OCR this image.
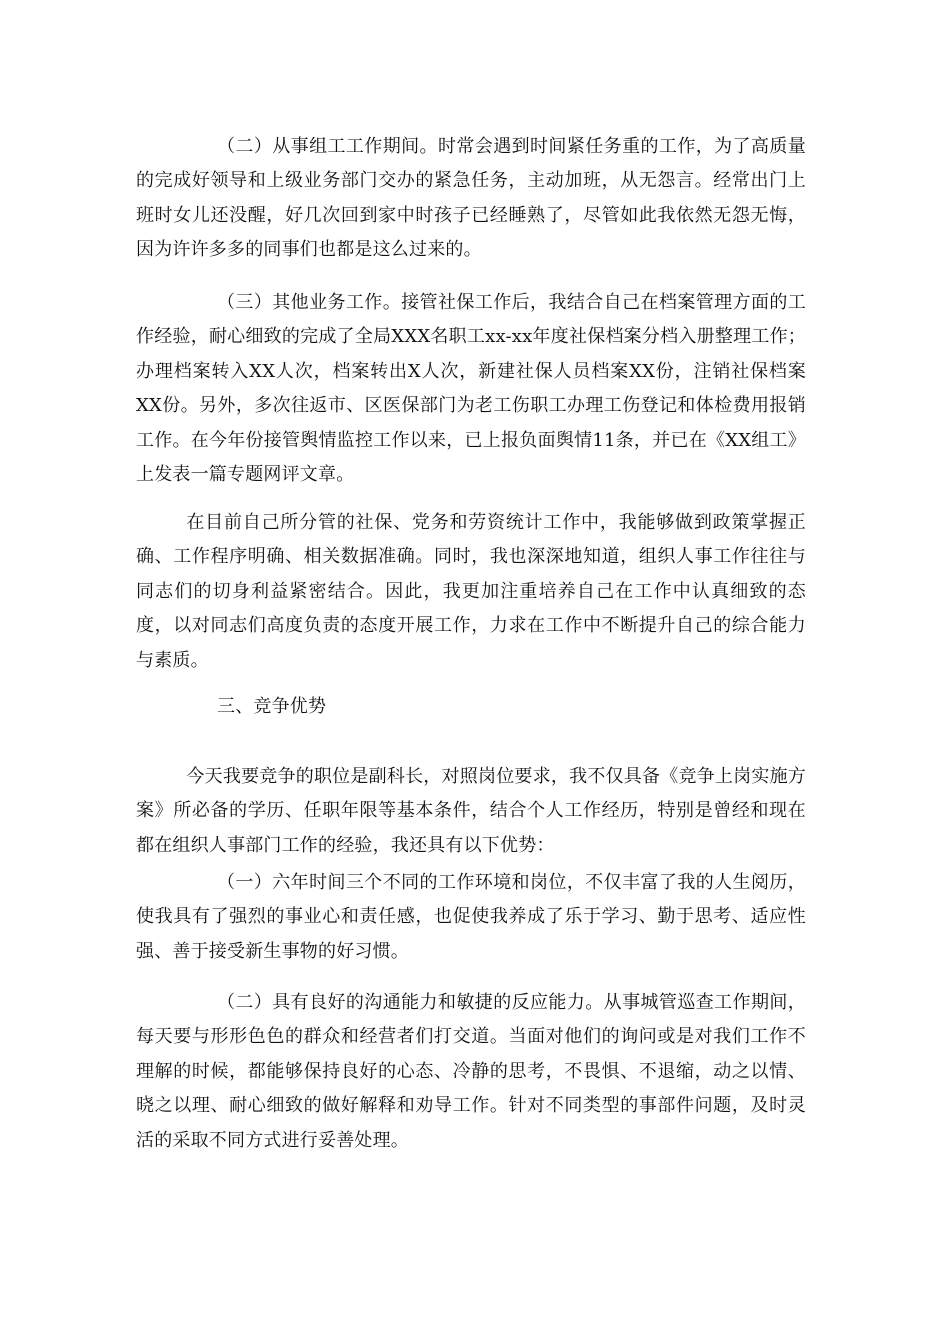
（二）从事组工工作期间。时常会遇到时间紧任务重的工作，为了高质量的完成好领导和上级业务部门交办的紧急任务，主动加班，从无怨言。经常出门上班时女儿还没醒，好几次回到家中时孩子已经睡熟了，尽管如此我依然无怨无悔，因为许许多多的同事们也都是这么过来的。

（三）其他业务工作。接管社保工作后，我结合自己在档案管理方面的工作经验，耐心细致的完成了全局XXX名职工xx-xx年度社保档案分档入册整理工作；办理档案转入XX人次，档案转出X人次，新建社保人员档案XX份，注销社保档案XX份。另外，多次往返市、区医保部门为老工伤职工办理工伤登记和体检费用报销工作。在今年份接管舆情监控工作以来，已上报负面舆情11条，并已在《XX组工》上发表一篇专题网评文章。

在目前自己所分管的社保、党务和劳资统计工作中，我能够做到政策掌握正确、工作程序明确、相关数据准确。同时，我也深深地知道，组织人事工作往往与同志们的切身利益紧密结合。因此，我更加注重培养自己在工作中认真细致的态度，以对同志们高度负责的态度开展工作，力求在工作中不断提升自己的综合能力与素质。

三、竞争优势

今天我要竞争的职位是副科长，对照岗位要求，我不仅具备《竞争上岗实施方案》所必备的学历、任职年限等基本条件，结合个人工作经历，特别是曾经和现在都在组织人事部门工作的经验，我还具有以下优势：

（一）六年时间三个不同的工作环境和岗位，不仅丰富了我的人生阅历，使我具有了强烈的事业心和责任感，也促使我养成了乐于学习、勤于思考、适应性强、善于接受新生事物的好习惯。

（二）具有良好的沟通能力和敏捷的反应能力。从事城管巡查工作期间，每天要与形形色色的群众和经营者们打交道。当面对他们的询问或是对我们工作不理解的时候，都能够保持良好的心态、冷静的思考，不畏惧、不退缩，动之以情、晓之以理、耐心细致的做好解释和劝导工作。针对不同类型的事部件问题，及时灵活的采取不同方式进行妥善处理。
